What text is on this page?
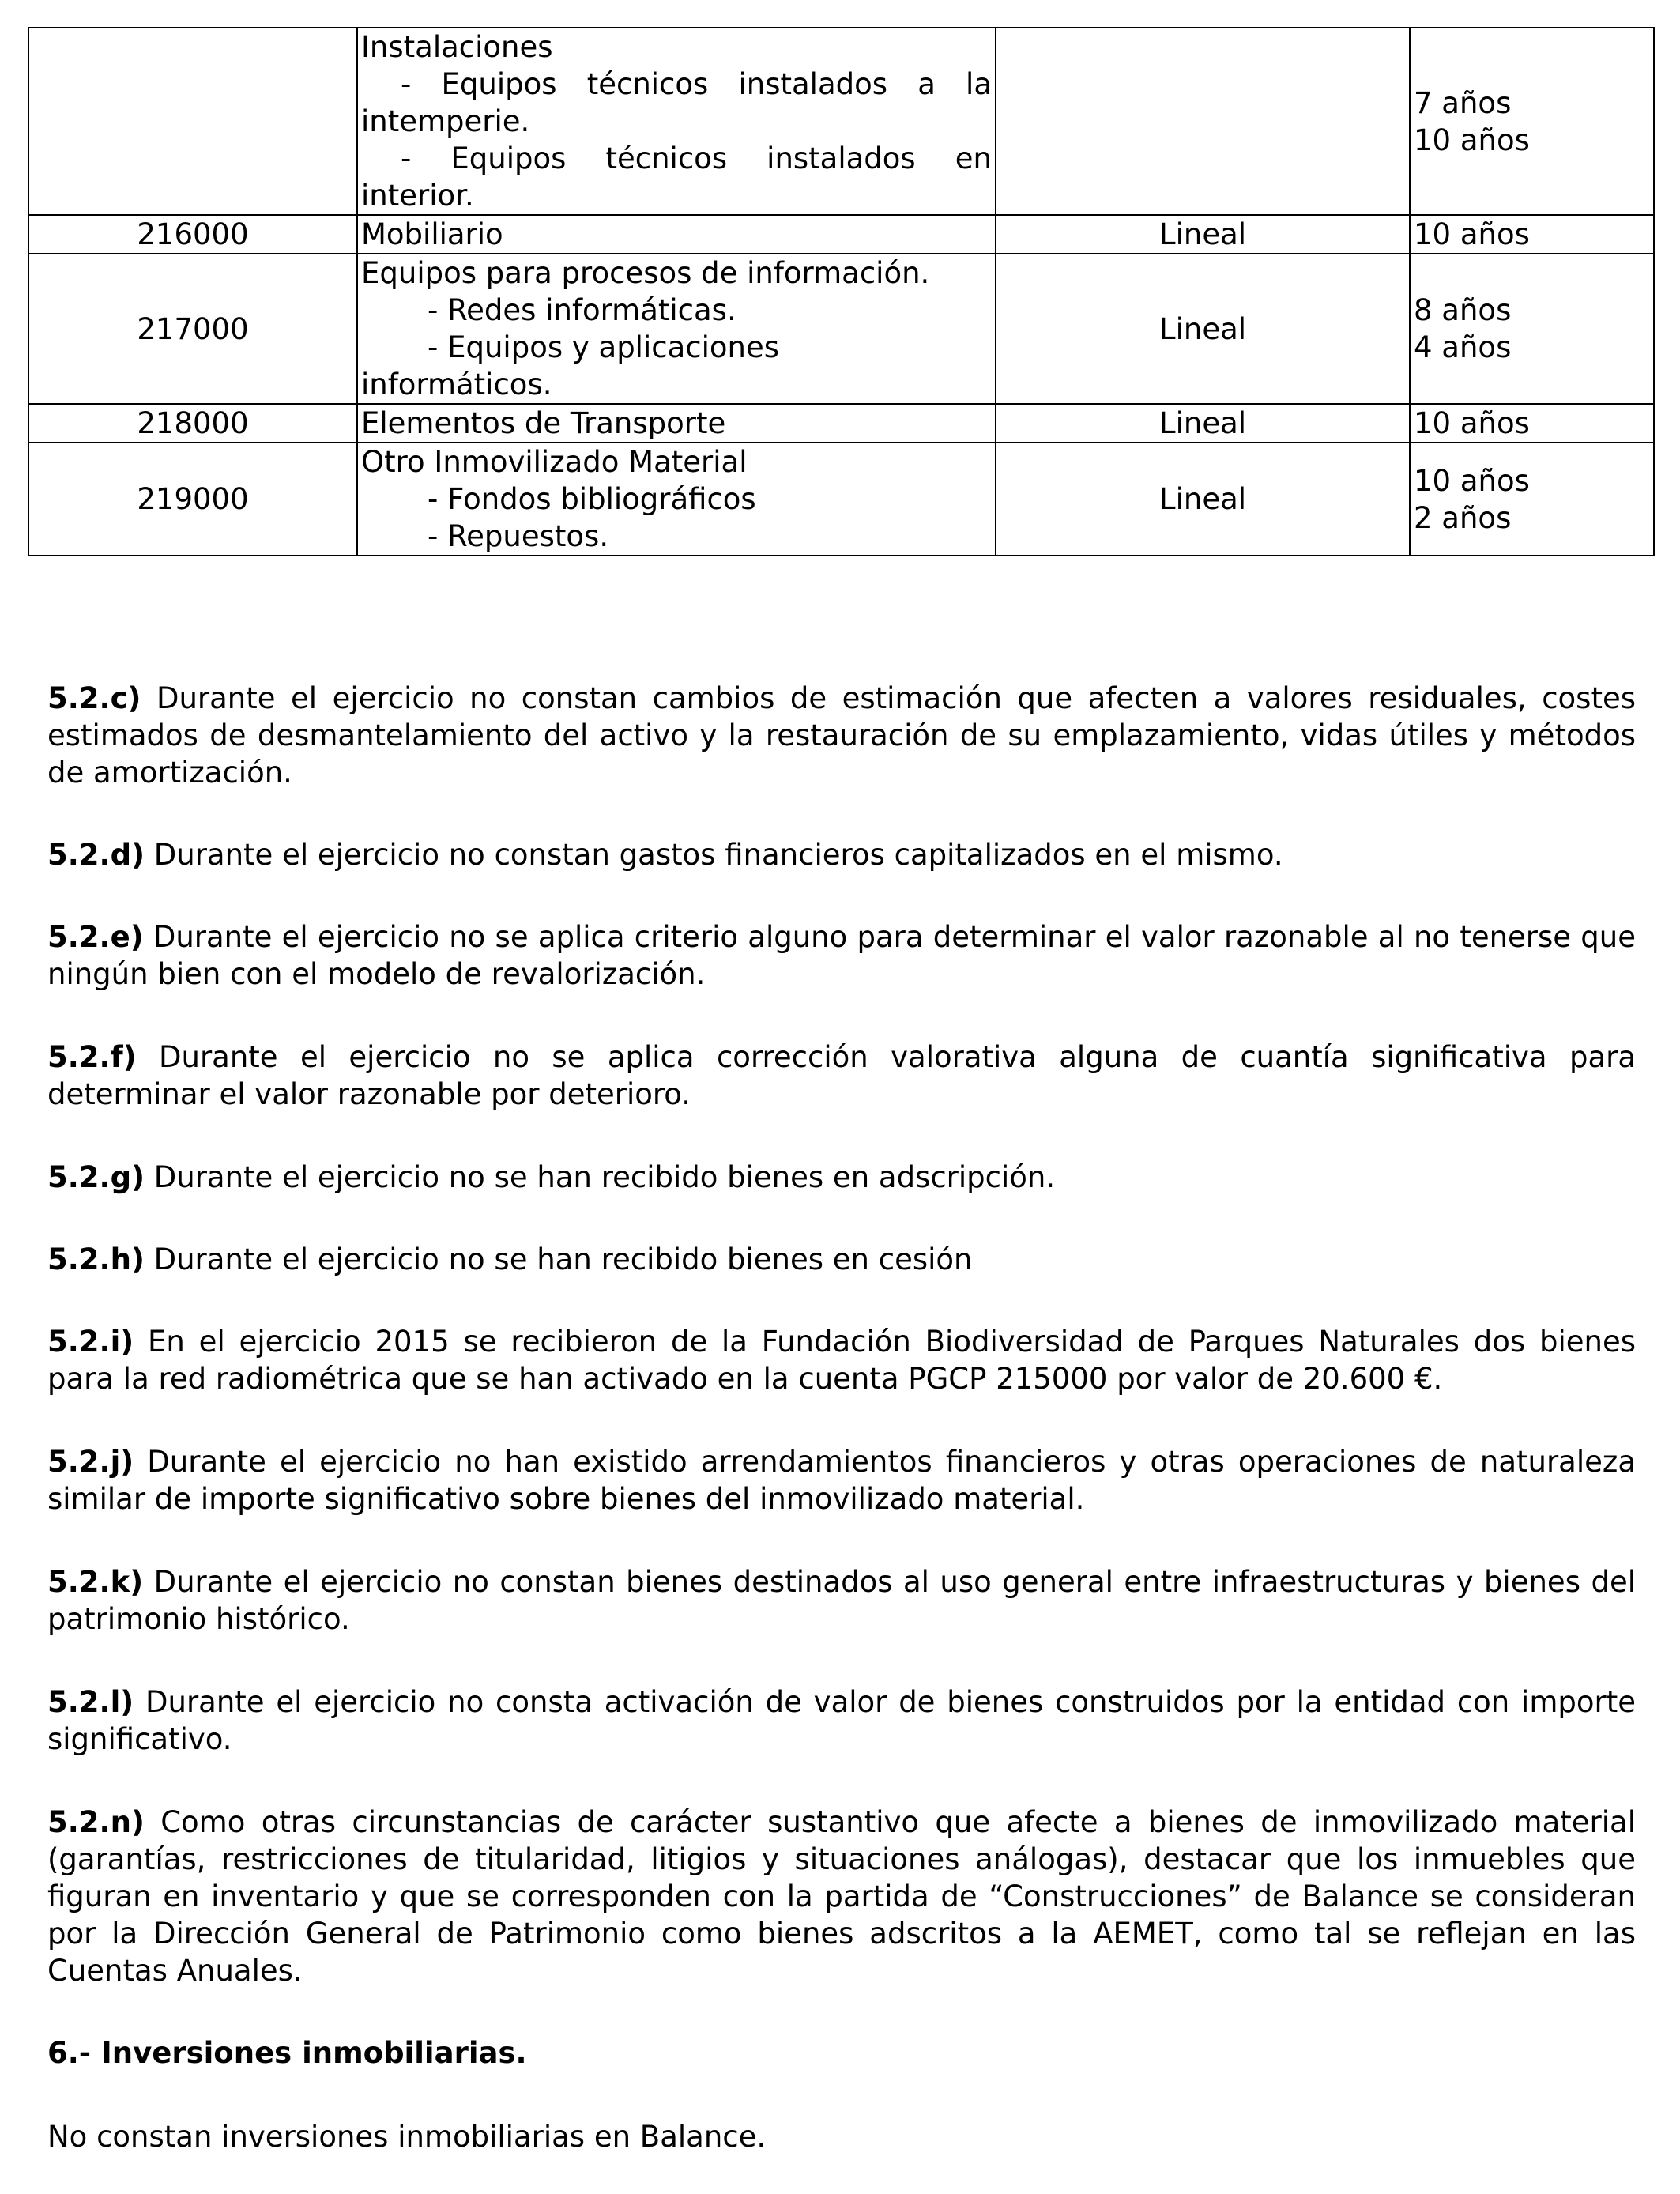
	Instalaciones
- Equipos técnicos instalados a la
intemperie.
- Equipos técnicos instalados en
interior.		7 años
10 años

216000	Mobiliario	Lineal	10 años
217000	Equipos para procesos de información.
- Redes informáticas.
- Equipos y aplicaciones
informáticos.	Lineal	8 años
4 años

218000	Elementos de Transporte	Lineal	10 años
219000	Otro Inmovilizado Material
- Fondos bibliográficos
- Repuestos.	Lineal	10 años
2 años

5.2.c) Durante el ejercicio no constan cambios de estimación que afecten a valores residuales, costes estimados de desmantelamiento del activo y la restauración de su emplazamiento, vidas útiles y métodos de amortización.

5.2.d) Durante el ejercicio no constan gastos financieros capitalizados en el mismo.

5.2.e) Durante el ejercicio no se aplica criterio alguno para determinar el valor razonable al no tenerse que ningún bien con el modelo de revalorización.

5.2.f) Durante el ejercicio no se aplica corrección valorativa alguna de cuantía significativa para determinar el valor razonable por deterioro.

5.2.g) Durante el ejercicio no se han recibido bienes en adscripción.

5.2.h) Durante el ejercicio no se han recibido bienes en cesión

5.2.i) En el ejercicio 2015 se recibieron de la Fundación Biodiversidad de Parques Naturales dos bienes para la red radiométrica que se han activado en la cuenta PGCP 215000 por valor de 20.600 €.

5.2.j) Durante el ejercicio no han existido arrendamientos financieros y otras operaciones de naturaleza similar de importe significativo sobre bienes del inmovilizado material.

5.2.k) Durante el ejercicio no constan bienes destinados al uso general entre infraestructuras y bienes del patrimonio histórico.

5.2.l) Durante el ejercicio no consta activación de valor de bienes construidos por la entidad con importe significativo.

5.2.n) Como otras circunstancias de carácter sustantivo que afecte a bienes de inmovilizado material (garantías, restricciones de titularidad, litigios y situaciones análogas), destacar que los inmuebles que figuran en inventario y que se corresponden con la partida de “Construcciones” de Balance se consideran por la Dirección General de Patrimonio como bienes adscritos a la AEMET, como tal se reflejan en las Cuentas Anuales.

6.- Inversiones inmobiliarias.

No constan inversiones inmobiliarias en Balance.
